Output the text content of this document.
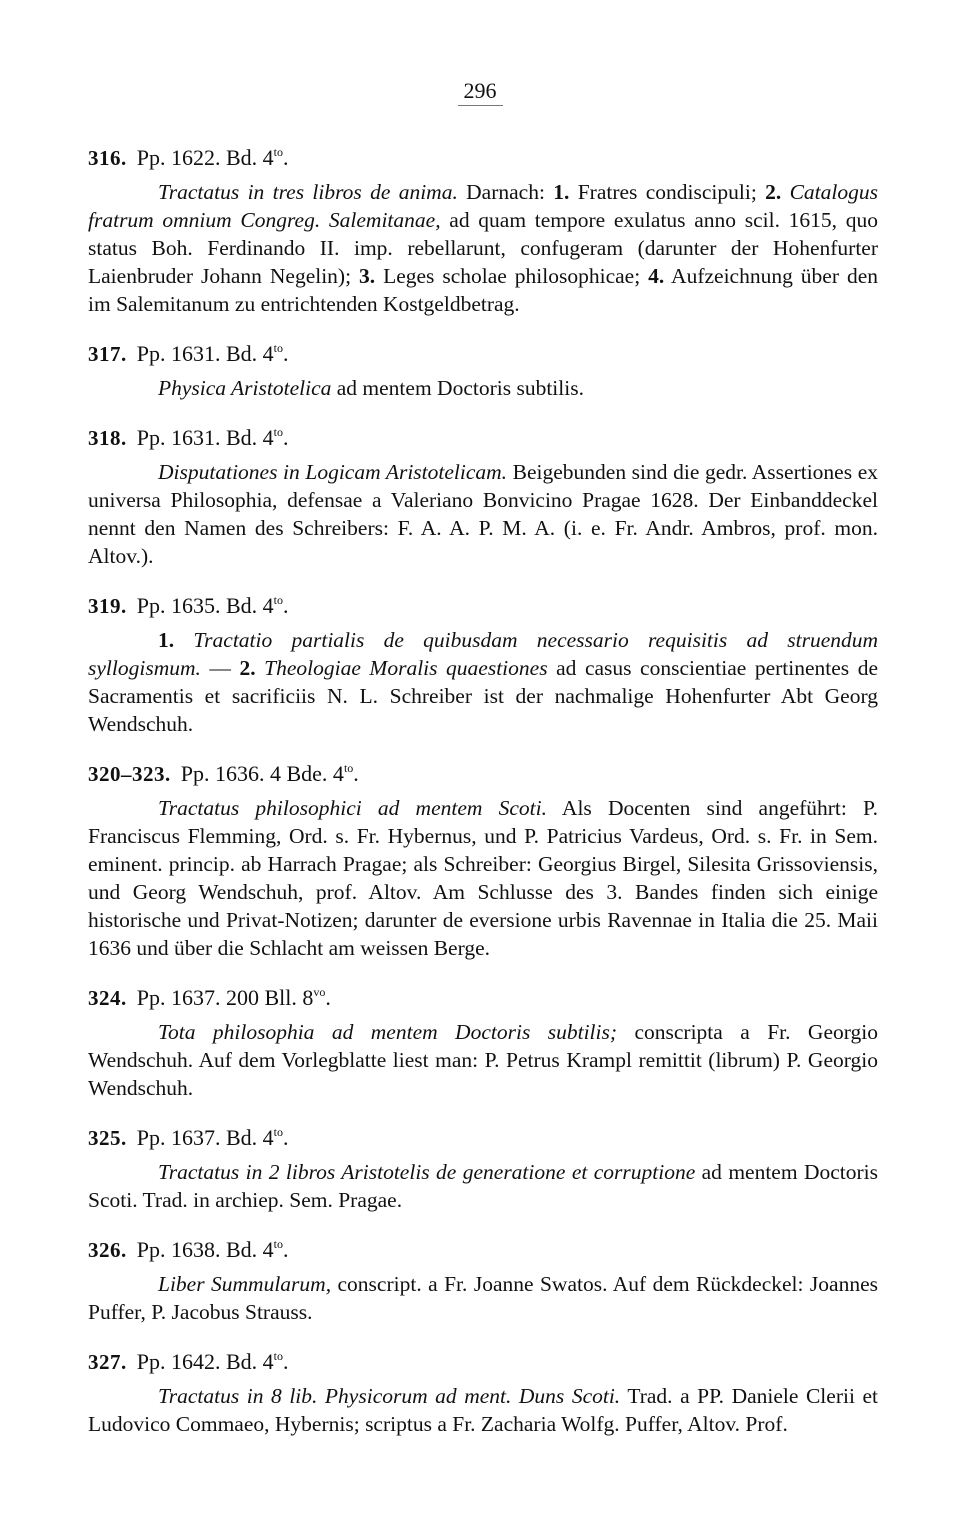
296
316. Pp. 1622. Bd. $4^{to}$.

Tractatus in tres libros de anima. Darnach: 1. Fratres condiscipuli; 2. Catalogus fratrum omnium Congreg. Salemitanae, ad quam tempore exulatus anno scil. 1615, quo status Boh. Ferdinando II. imp. rebellarunt, confugeram (darunter der Hohenfurter Laienbruder Johann Negelin); 3. Leges scholae philosophicae; 4. Aufzeichnung über den im Salemitanum zu entrichtenden Kostgeldbetrag.

317. Pp. 1631. Bd. $4^{to}$.

Physica Aristotelica ad mentem Doctoris subtilis.

318. Pp. 1631. Bd. $4^{to}$.

Disputationes in Logicam Aristotelicam. Beigebunden sind die gedr. Assertiones ex universa Philosophia, defensae a Valeriano Bonvicino Pragae 1628. Der Einbanddeckel nennt den Namen des Schreibers: F. A. A. P. M. A. (i. e. Fr. Andr. Ambros, prof. mon. Altov.).

319. Pp. 1635. Bd. $4^{to}$.

1. Tractatio partialis de quibusdam necessario requisitis ad struendum syllogismum. — 2. Theologiae Moralis quaestiones ad casus conscientiae pertinentes de Sacramentis et sacrificiis N. L. Schreiber ist der nachmalige Hohenfurter Abt Georg Wendschuh.

320–323. Pp. 1636. 4 Bde. $4^{to}$.

Tractatus philosophici ad mentem Scoti. Als Docenten sind angeführt: P. Franciscus Flemming, Ord. s. Fr. Hybernus, und P. Patricius Vardeus, Ord. s. Fr. in Sem. eminent. princip. ab Harrach Pragae; als Schreiber: Georgius Birgel, Silesita Grissoviensis, und Georg Wendschuh, prof. Altov. Am Schlusse des 3. Bandes finden sich einige historische und Privat-Notizen; darunter de eversione urbis Ravennae in Italia die 25. Maii 1636 und über die Schlacht am weissen Berge.

324. Pp. 1637. 200 Bll. $8^{vo}$.

Tota philosophia ad mentem Doctoris subtilis; conscripta a Fr. Georgio Wendschuh. Auf dem Vorlegblatte liest man: P. Petrus Krampl remittit (librum) P. Georgio Wendschuh.

325. Pp. 1637. Bd. $4^{to}$.

Tractatus in 2 libros Aristotelis de generatione et corruptione ad mentem Doctoris Scoti. Trad. in archiep. Sem. Pragae.

326. Pp. 1638. Bd. $4^{to}$.

Liber Summularum, conscript. a Fr. Joanne Swatos. Auf dem Rückdeckel: Joannes Puffer, P. Jacobus Strauss.

327. Pp. 1642. Bd. $4^{to}$.

Tractatus in 8 lib. Physicorum ad ment. Duns Scoti. Trad. a PP. Daniele Clerii et Ludovico Commaeo, Hybernis; scriptus a Fr. Zacharia Wolfg. Puffer, Altov. Prof.
